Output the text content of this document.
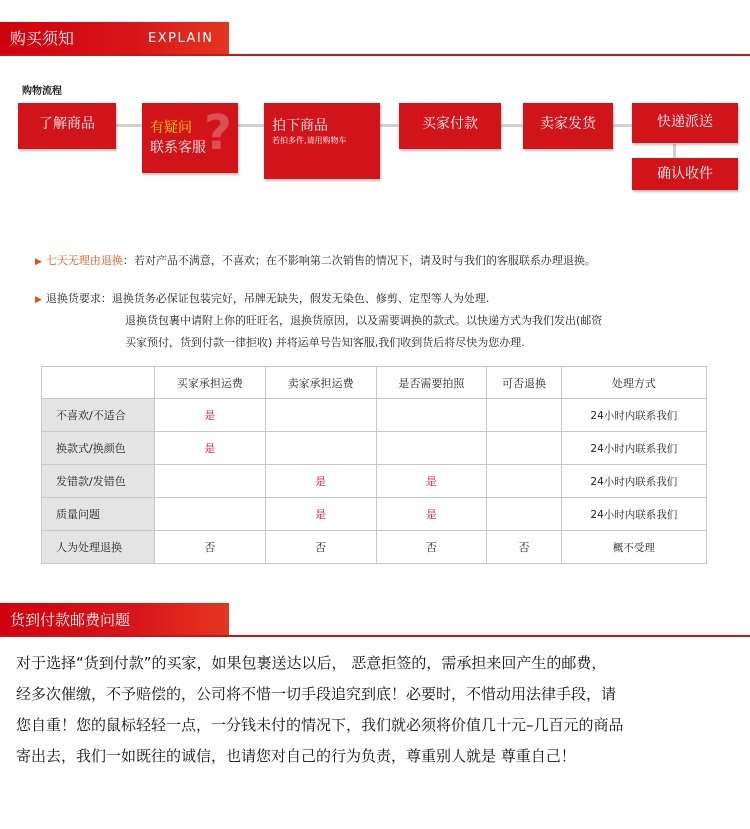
购买须知	EXPLAIN
购物流程
了解商品	?
有疑问
联系客服
拍下商品
若拍多件,请用购物车
买家付款	卖家发货	快递派送
确认收件
▶ 七天无理由退换：若对产品不满意，不喜欢；在不影响第二次销售的情况下，请及时与我们的客服联系办理退换。
▶ 退换货要求：退换货务必保证包装完好，吊牌无缺失，假发无染色、修剪、定型等人为处理.
退换货包裹中请附上你的旺旺名，退换货原因，以及需要调换的款式。以快递方式为我们发出(邮资
买家预付，货到付款一律拒收) 并将运单号告知客服,我们收到货后将尽快为您办理.
	买家承担运费	卖家承担运费	是否需要拍照	可否退换	处理方式
不喜欢/不适合	是				24小时内联系我们
换款式/换颜色	是				24小时内联系我们
发错款/发错色		是	是		24小时内联系我们
质量问题		是	是		24小时内联系我们
人为处理退换	否	否	否	否	概不受理
货到付款邮费问题
对于选择“货到付款”的买家，如果包裹送达以后， 恶意拒签的，需承担来回产生的邮费，
经多次催缴，不予赔偿的，公司将不惜一切手段追究到底！必要时，不惜动用法律手段，请
您自重！您的鼠标轻轻一点，一分钱未付的情况下，我们就必须将价值几十元–几百元的商品
寄出去，我们一如既往的诚信，也请您对自己的行为负责，尊重别人就是 尊重自己！
